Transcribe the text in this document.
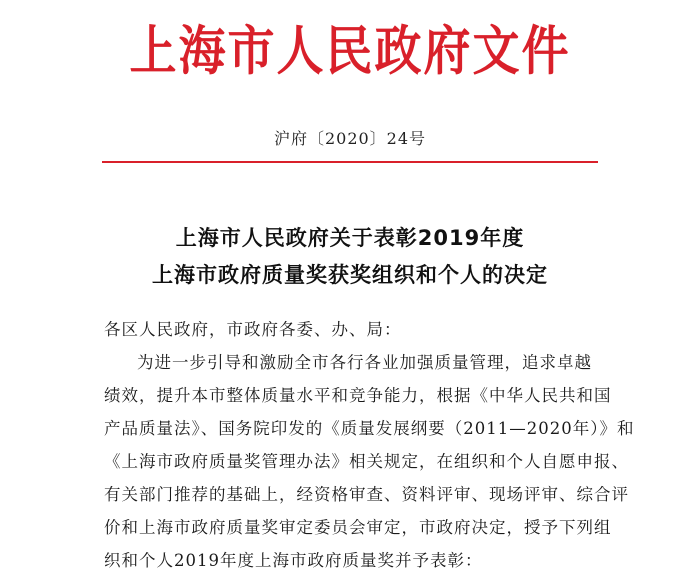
上海市人民政府文件
沪府〔2020〕24号
上海市人民政府关于表彰2019年度
上海市政府质量奖获奖组织和个人的决定
各区人民政府，市政府各委、办、局：
为进一步引导和激励全市各行各业加强质量管理，追求卓越
绩效，提升本市整体质量水平和竞争能力，根据《中华人民共和国
产品质量法》、国务院印发的《质量发展纲要（2011—2020年）》和
《上海市政府质量奖管理办法》相关规定，在组织和个人自愿申报、
有关部门推荐的基础上，经资格审查、资料评审、现场评审、综合评
价和上海市政府质量奖审定委员会审定，市政府决定，授予下列组
织和个人2019年度上海市政府质量奖并予表彰：
